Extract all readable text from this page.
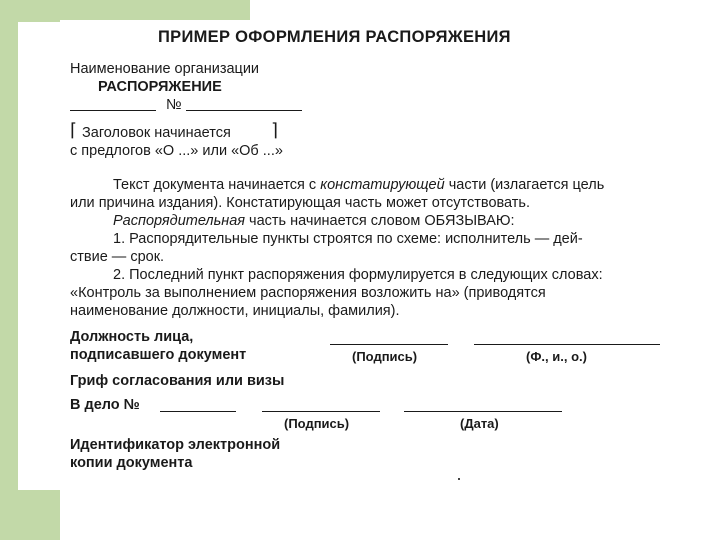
ПРИМЕР ОФОРМЛЕНИЯ РАСПОРЯЖЕНИЯ
Наименование организации
РАСПОРЯЖЕНИЕ
№
⌈ Заголовок начинается ⌉
с предлогов «О ...» или «Об ...»
Текст документа начинается с констатирующей части (излагается цель
или причина издания). Констатирующая часть может отсутствовать.
Распорядительная часть начинается словом ОБЯЗЫВАЮ:
1. Распорядительные пункты строятся по схеме: исполнитель — дей-
ствие — срок.
2. Последний пункт распоряжения формулируется в следующих словах:
«Контроль за выполнением распоряжения возложить на» (приводятся
наименование должности, инициалы, фамилия).
Должность лица,
подписавшего документ	(Подпись)	(Ф., и., о.)
Гриф согласования или визы
В дело №
(Подпись)	(Дата)
Идентификатор электронной
копии документа
